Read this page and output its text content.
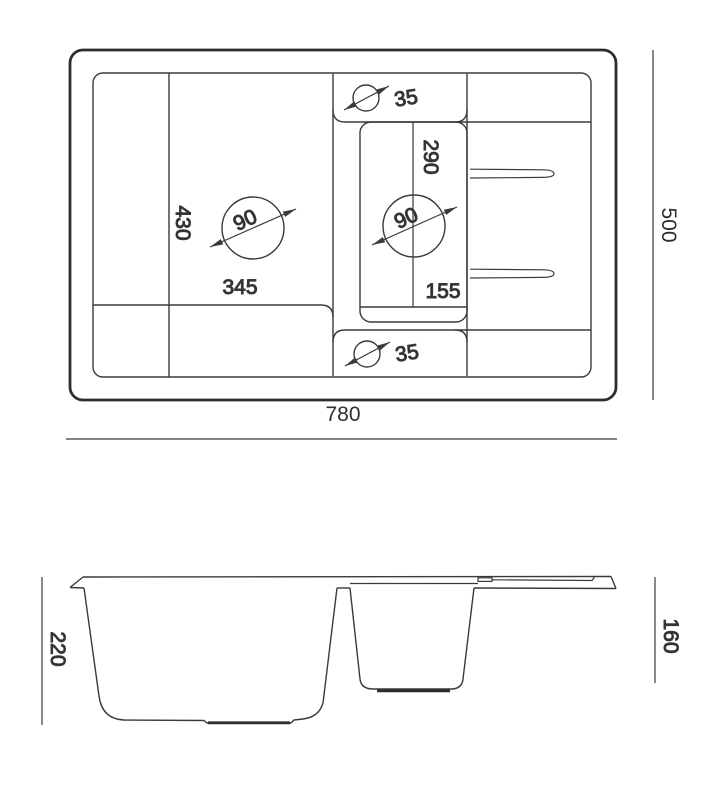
90	90
35
35
430
345
290
155
500
780
220	160
